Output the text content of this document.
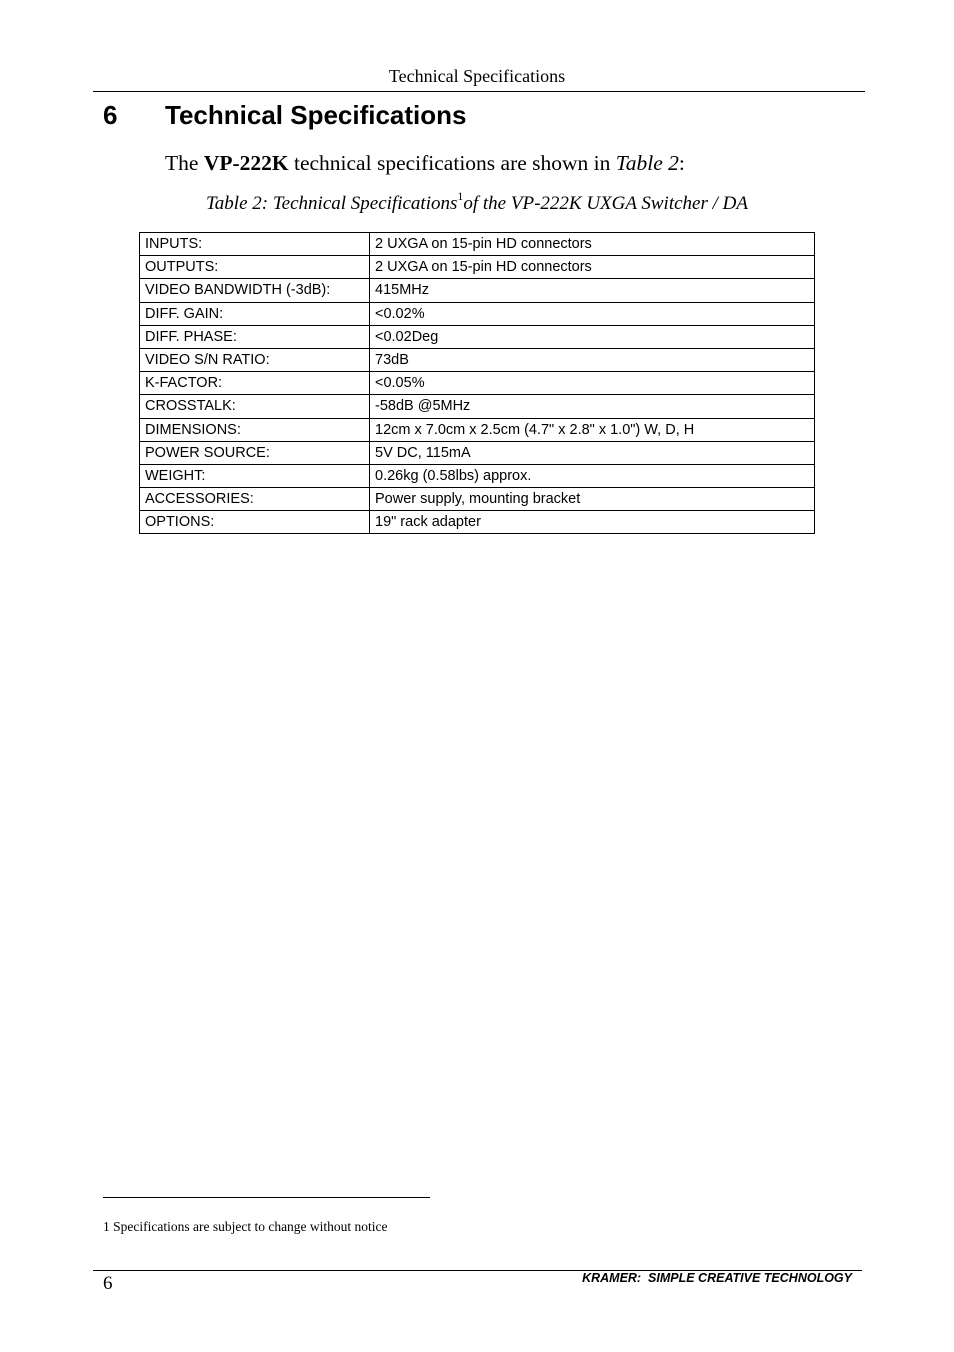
Technical Specifications
6 Technical Specifications
The VP-222K technical specifications are shown in Table 2:
Table 2: Technical Specifications$^1$of the VP-222K UXGA Switcher / DA
INPUTS:	2 UXGA on 15-pin HD connectors
OUTPUTS:	2 UXGA on 15-pin HD connectors
VIDEO BANDWIDTH (-3dB):	415MHz
DIFF. GAIN:	<0.02%
DIFF. PHASE:	<0.02Deg
VIDEO S/N RATIO:	73dB
K-FACTOR:	<0.05%
CROSSTALK:	-58dB @5MHz
DIMENSIONS:	12cm x 7.0cm x 2.5cm (4.7" x 2.8" x 1.0") W, D, H
POWER SOURCE:	5V DC, 115mA
WEIGHT:	0.26kg (0.58lbs) approx.
ACCESSORIES:	Power supply, mounting bracket
OPTIONS:	19" rack adapter
1 Specifications are subject to change without notice
6	KRAMER:  SIMPLE CREATIVE TECHNOLOGY
